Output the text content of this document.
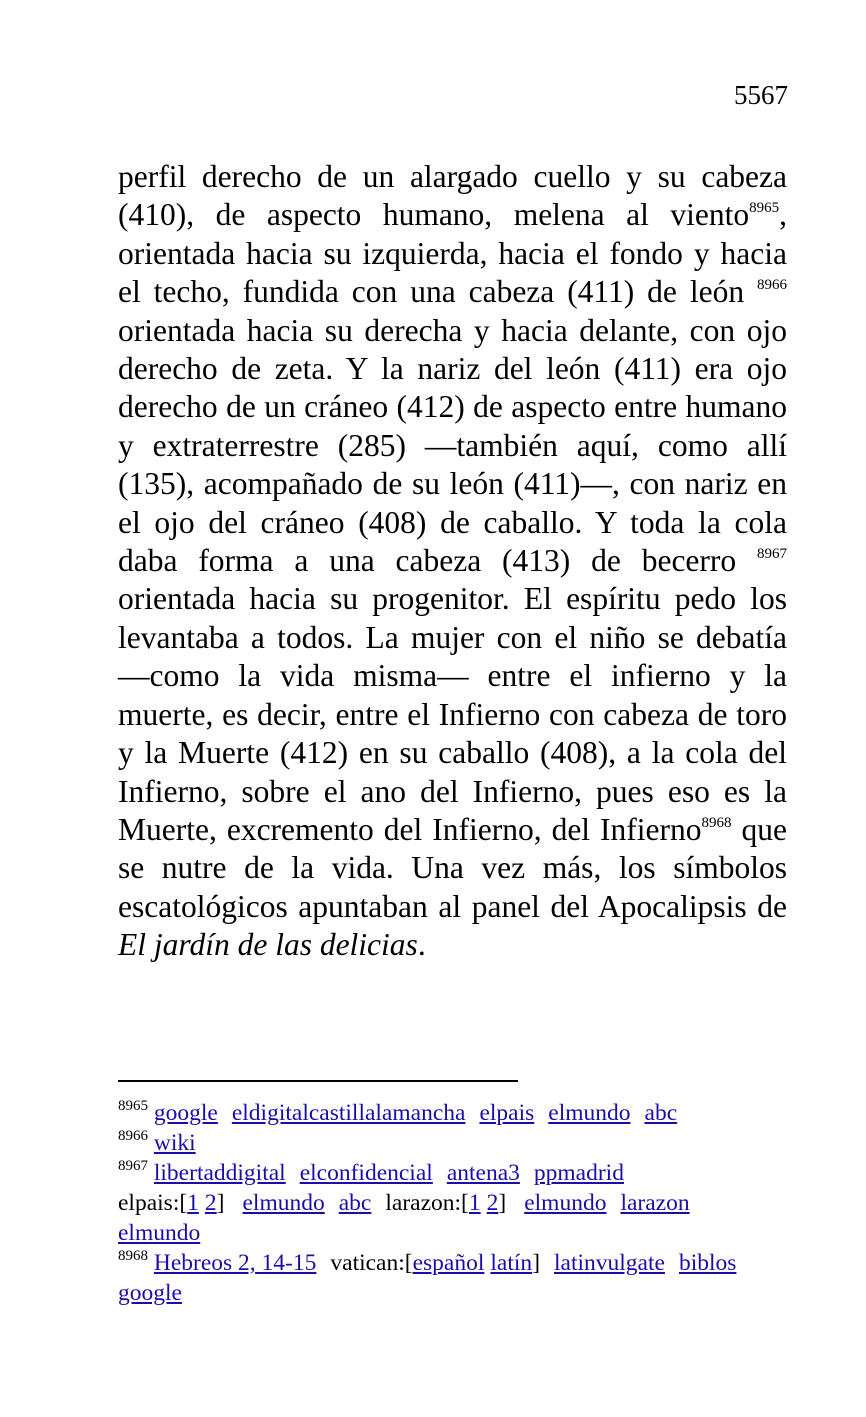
5567

perfil derecho de un alargado cuello y su cabeza (410), de aspecto humano, melena al viento$^{8965}$, orientada hacia su izquierda, hacia el fondo y hacia el techo, fundida con una cabeza (411) de león $^{8966}$ orientada hacia su derecha y hacia delante, con ojo derecho de zeta. Y la nariz del león (411) era ojo derecho de un cráneo (412) de aspecto entre humano y extraterrestre (285) —también aquí, como allí (135), acompañado de su león (411)—, con nariz en el ojo del cráneo (408) de caballo. Y toda la cola daba forma a una cabeza (413) de becerro $^{8967}$ orientada hacia su progenitor. El espíritu pedo los levantaba a todos. La mujer con el niño se debatía —como la vida misma— entre el infierno y la muerte, es decir, entre el Infierno con cabeza de toro y la Muerte (412) en su caballo (408), a la cola del Infierno, sobre el ano del Infierno, pues eso es la Muerte, excremento del Infierno, del Infierno$^{8968}$ que se nutre de la vida. Una vez más, los símbolos escatológicos apuntaban al panel del Apocalipsis de El jardín de las delicias.

$^{8965}$ google eldigitalcastillalamancha elpais elmundo abc

$^{8966}$ wiki

$^{8967}$ libertaddigital elconfidencial antena3 ppmadrid
elpais:[1 2] elmundo abc larazon:[1 2] elmundo larazon
elmundo

$^{8968}$ Hebreos 2, 14-15 vatican:[español latín] latinvulgate biblos
google
